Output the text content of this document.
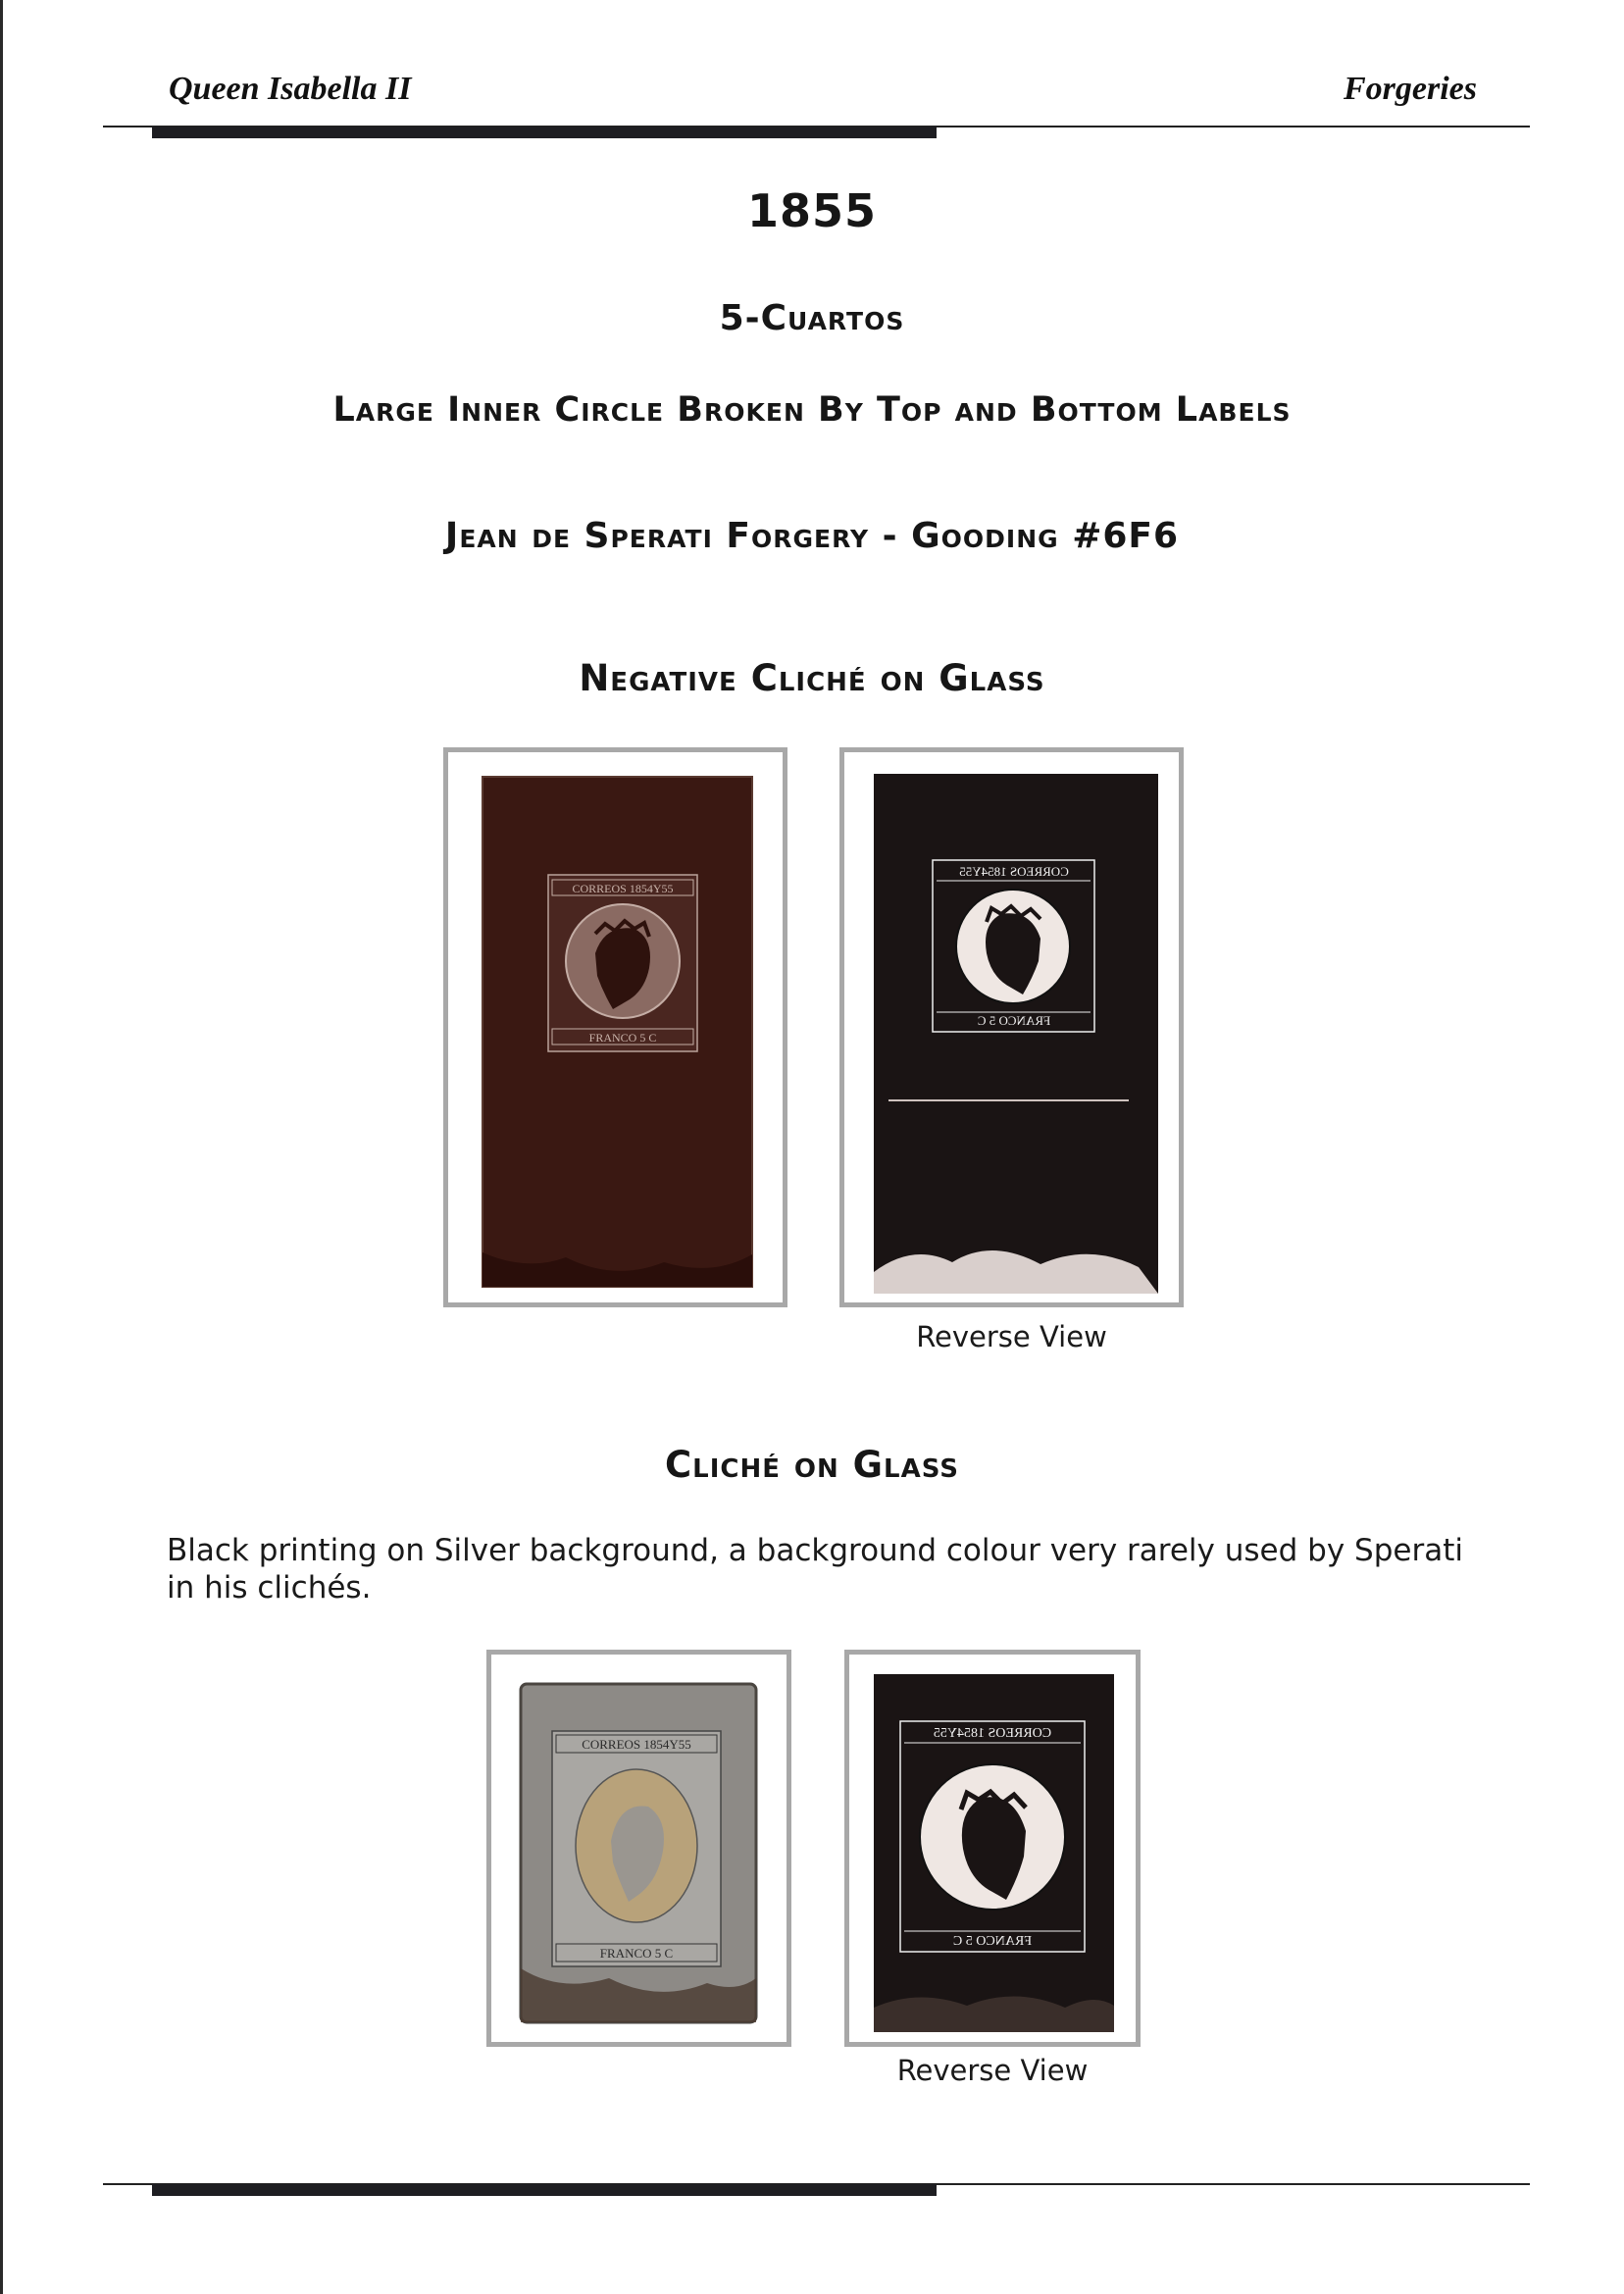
Queen Isabella II	Forgeries
1855
5-Cuartos
Large Inner Circle Broken By Top and Bottom Labels
Jean de Sperati Forgery - Gooding #6F6
Negative Cliché on Glass
CORREOS 1854Y55
FRANCO 5 C
CORREOS 1854Y55
FRANCO 5 C
Reverse View
Cliché on Glass
Black printing on Silver background, a background colour very rarely used by Sperati in his clichés.
CORREOS 1854Y55
FRANCO 5 C
CORREOS 1854Y55
FRANCO 5 C
Reverse View
